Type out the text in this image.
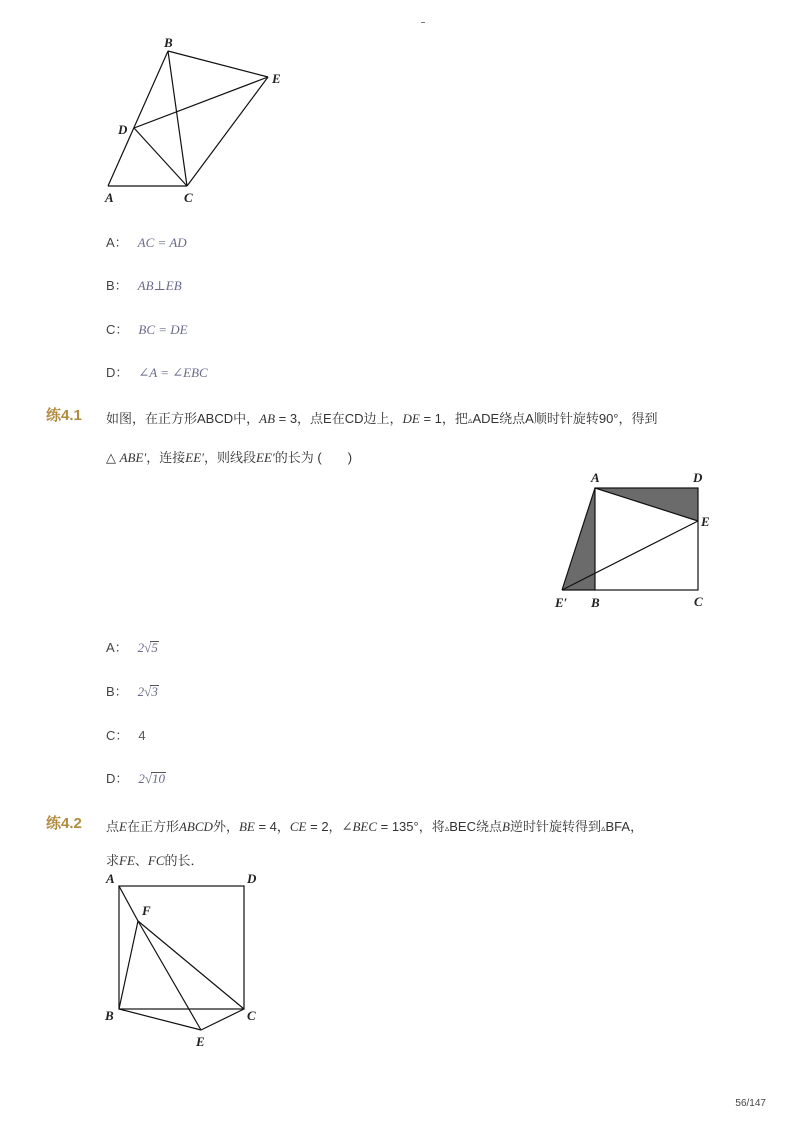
B
E
D
A	C
A： AC = AD
B： AB⊥EB
C： BC = DE
D： ∠A = ∠EBC
练4.1 如图，在正方形ABCD中，AB = 3，点E在CD边上，DE = 1，把▵ADE绕点A顺时针旋转90°，得到
△ ABE′，连接EE′，则线段EE′的长为 (　　)
A	D
E
E′ B	C
A： 2√5
B： 2√3
C： 4
D： 2√10
练4.2 点E在正方形ABCD外，BE = 4，CE = 2，∠BEC = 135°，将▵BEC绕点B逆时针旋转得到▵BFA，
求FE、FC的长．
A	D
F
B	C
E
56/147
